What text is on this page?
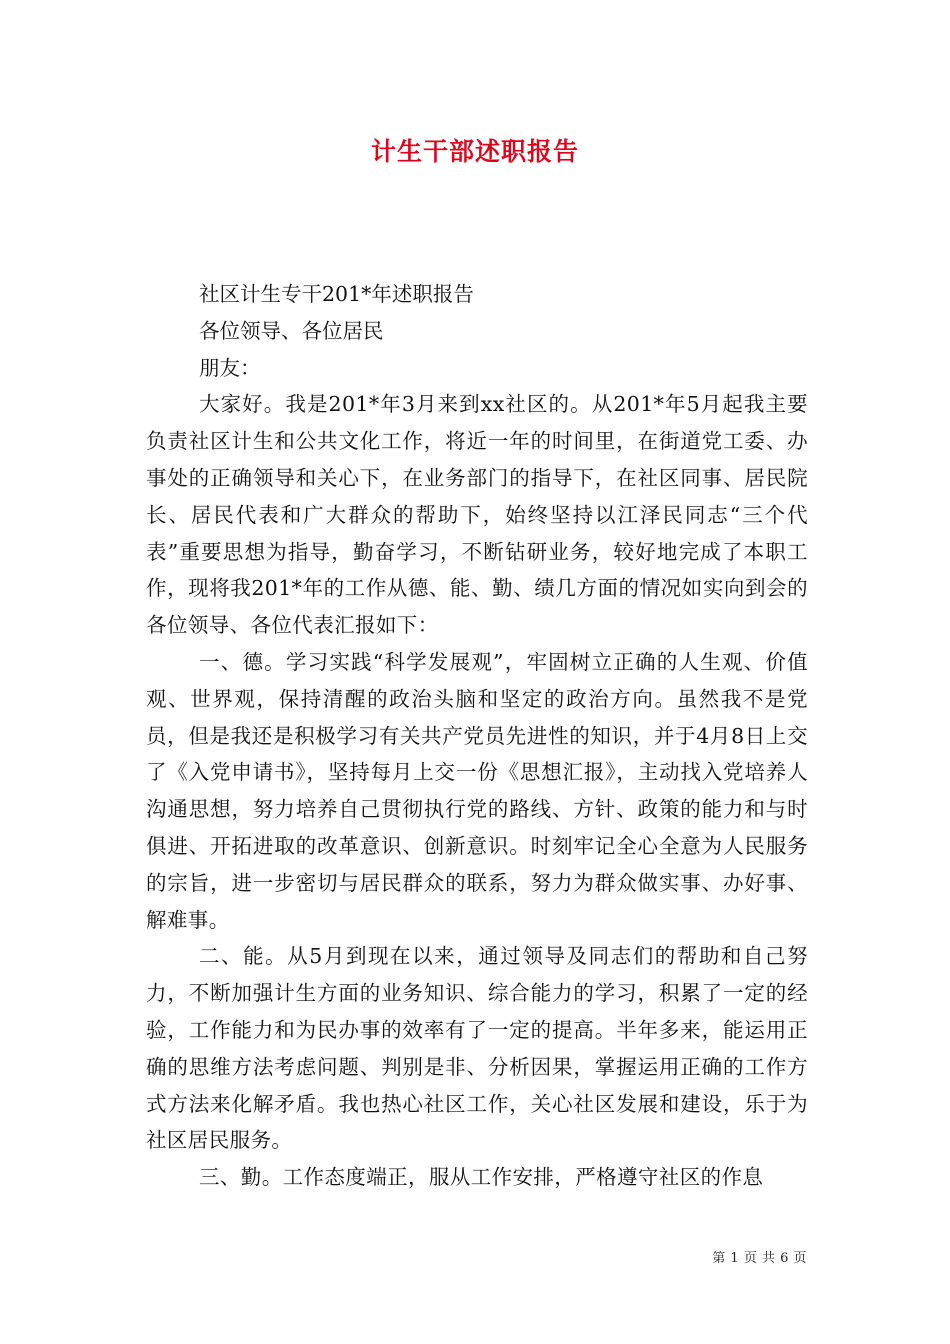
计生干部述职报告

社区计生专干201*年述职报告

各位领导、各位居民

朋友：

大家好。我是201*年3月来到xx社区的。从201*年5月起我主要负责社区计生和公共文化工作，将近一年的时间里，在街道党工委、办事处的正确领导和关心下，在业务部门的指导下，在社区同事、居民院长、居民代表和广大群众的帮助下，始终坚持以江泽民同志“三个代表”重要思想为指导，勤奋学习，不断钻研业务，较好地完成了本职工作，现将我201*年的工作从德、能、勤、绩几方面的情况如实向到会的各位领导、各位代表汇报如下：

一、德。学习实践“科学发展观”，牢固树立正确的人生观、价值观、世界观，保持清醒的政治头脑和坚定的政治方向。虽然我不是党员，但是我还是积极学习有关共产党员先进性的知识，并于4月8日上交了《入党申请书》，坚持每月上交一份《思想汇报》，主动找入党培养人沟通思想，努力培养自己贯彻执行党的路线、方针、政策的能力和与时俱进、开拓进取的改革意识、创新意识。时刻牢记全心全意为人民服务的宗旨，进一步密切与居民群众的联系，努力为群众做实事、办好事、解难事。

二、能。从5月到现在以来，通过领导及同志们的帮助和自己努力，不断加强计生方面的业务知识、综合能力的学习，积累了一定的经验，工作能力和为民办事的效率有了一定的提高。半年多来，能运用正确的思维方法考虑问题、判别是非、分析因果，掌握运用正确的工作方式方法来化解矛盾。我也热心社区工作，关心社区发展和建设，乐于为社区居民服务。

三、勤。工作态度端正，服从工作安排，严格遵守社区的作息

第 1 页 共 6 页
